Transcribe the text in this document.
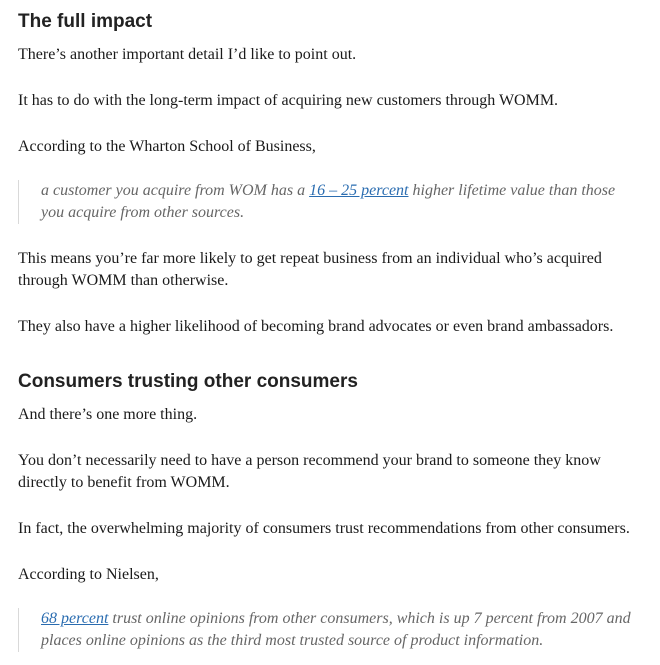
The full impact

There’s another important detail I’d like to point out.

It has to do with the long-term impact of acquiring new customers through WOMM.

According to the Wharton School of Business,

a customer you acquire from WOM has a 16 – 25 percent higher lifetime value than those you acquire from other sources.

This means you’re far more likely to get repeat business from an individual who’s acquired through WOMM than otherwise.

They also have a higher likelihood of becoming brand advocates or even brand ambassadors.

Consumers trusting other consumers

And there’s one more thing.

You don’t necessarily need to have a person recommend your brand to someone they know directly to benefit from WOMM.

In fact, the overwhelming majority of consumers trust recommendations from other consumers.

According to Nielsen,

68 percent trust online opinions from other consumers, which is up 7 percent from 2007 and places online opinions as the third most trusted source of product information.
